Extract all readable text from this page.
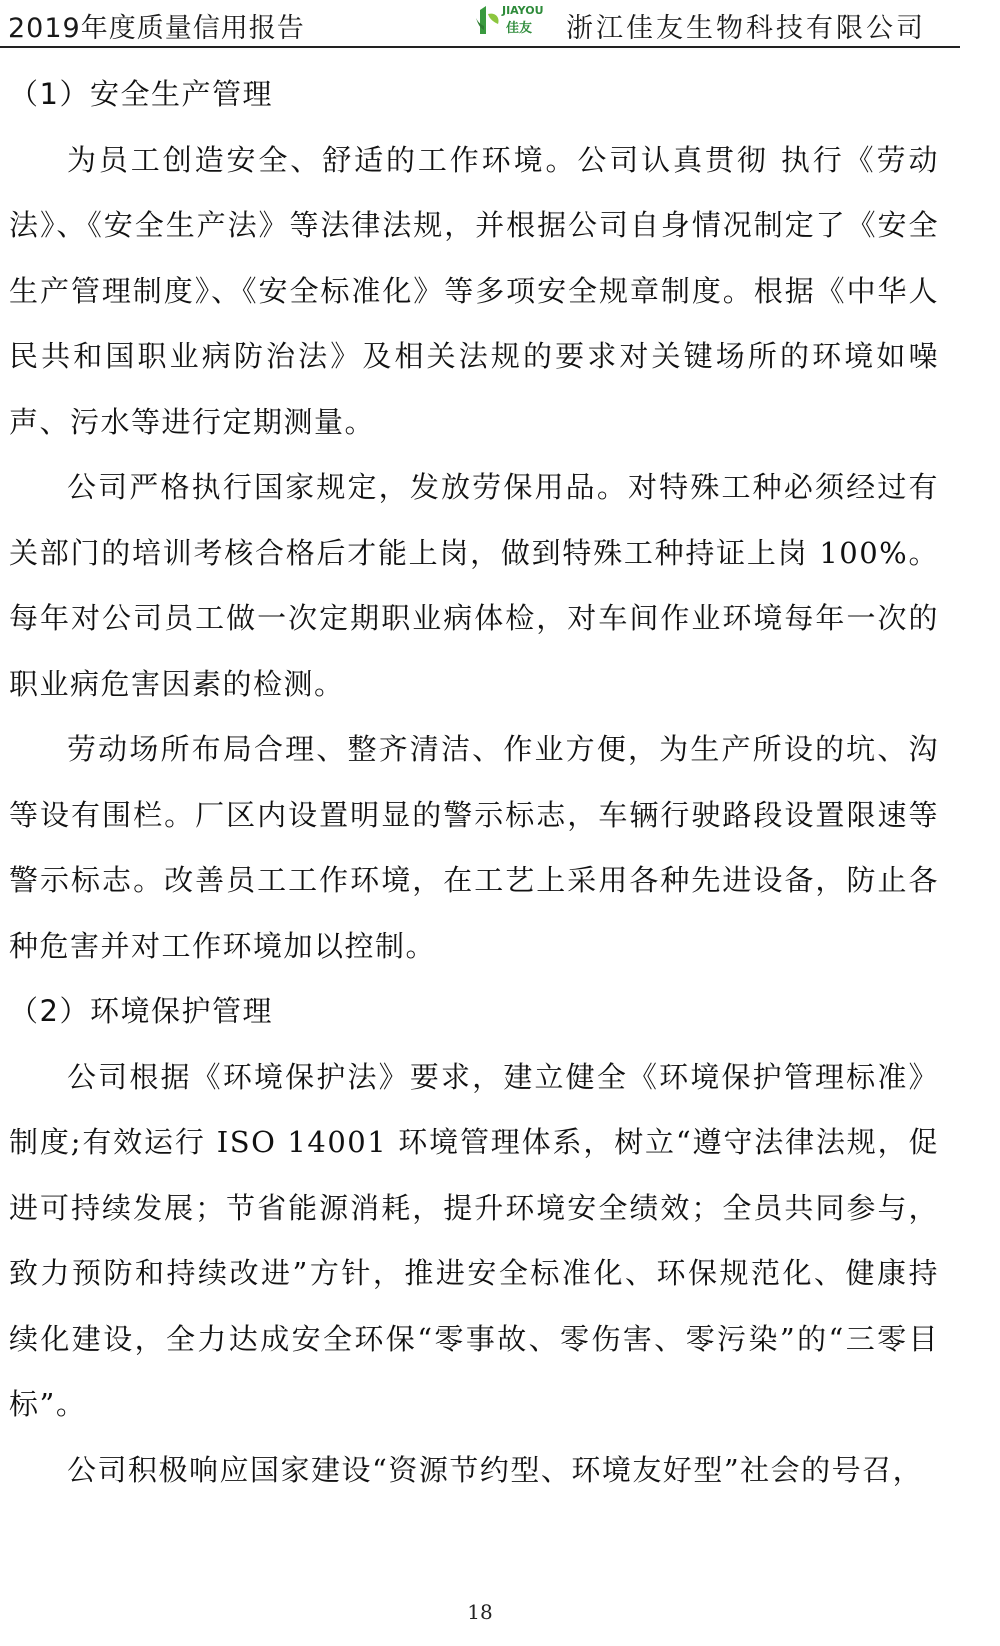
2019年度质量信用报告
JIAYOU
佳友 浙江佳友生物科技有限公司

（1）安全生产管理

为员工创造安全、舒适的工作环境。公司认真贯彻 执行《劳动法》、《安全生产法》等法律法规，并根据公司自身情况制定了《安全生产管理制度》、《安全标准化》等多项安全规章制度。根据《中华人民共和国职业病防治法》及相关法规的要求对关键场所的环境如噪声、污水等进行定期测量。

公司严格执行国家规定，发放劳保用品。对特殊工种必须经过有关部门的培训考核合格后才能上岗，做到特殊工种持证上岗 100%。每年对公司员工做一次定期职业病体检，对车间作业环境每年一次的职业病危害因素的检测。

劳动场所布局合理、整齐清洁、作业方便，为生产所设的坑、沟等设有围栏。厂区内设置明显的警示标志，车辆行驶路段设置限速等警示标志。改善员工工作环境，在工艺上采用各种先进设备，防止各种危害并对工作环境加以控制。

（2）环境保护管理

公司根据《环境保护法》要求，建立健全《环境保护管理标准》制度;有效运行 ISO 14001 环境管理体系，树立“遵守法律法规，促进可持续发展；节省能源消耗，提升环境安全绩效；全员共同参与，致力预防和持续改进”方针，推进安全标准化、环保规范化、健康持续化建设，全力达成安全环保“零事故、零伤害、零污染”的“三零目标”。

公司积极响应国家建设“资源节约型、环境友好型”社会的号召，

18
